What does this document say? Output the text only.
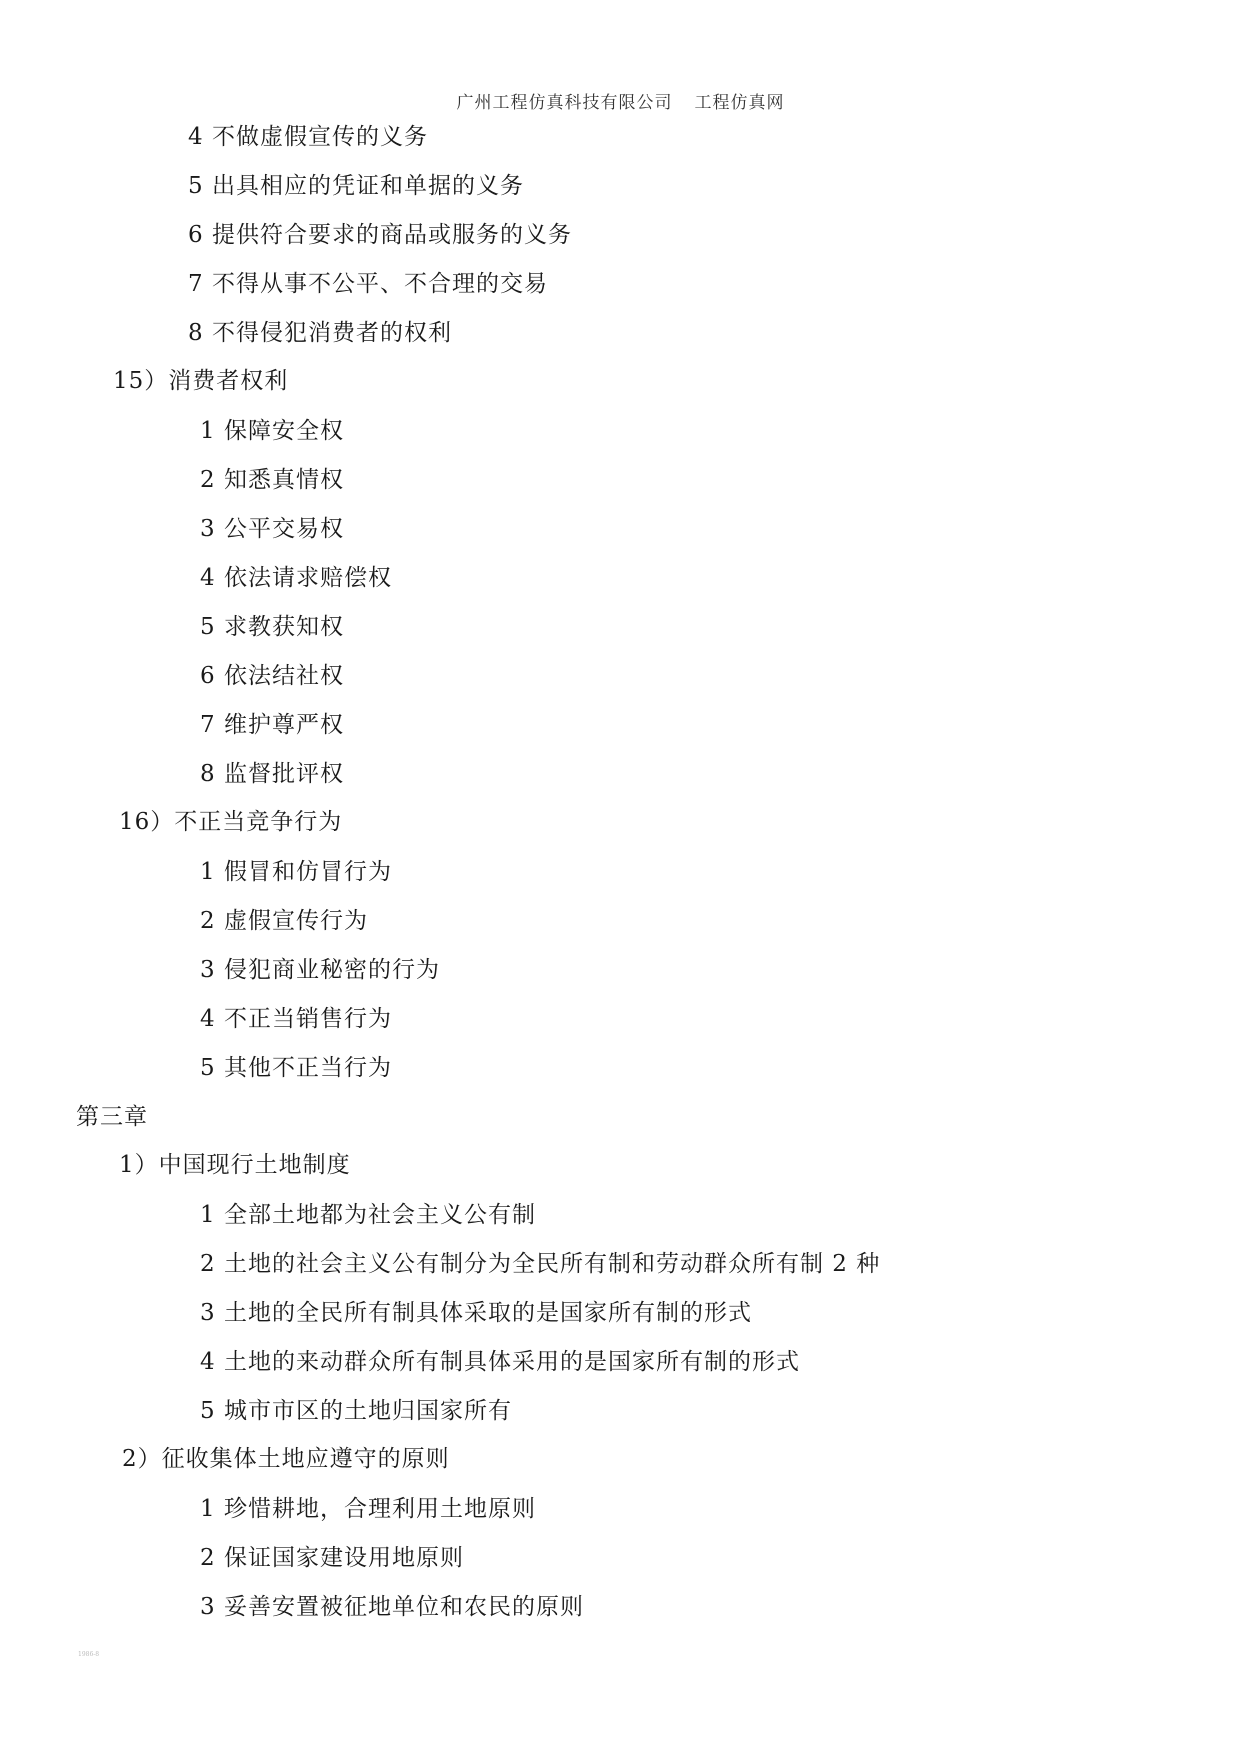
广州工程仿真科技有限公司 工程仿真网
4 不做虚假宣传的义务
5 出具相应的凭证和单据的义务
6 提供符合要求的商品或服务的义务
7 不得从事不公平、不合理的交易
8 不得侵犯消费者的权利
15）消费者权利
1 保障安全权
2 知悉真情权
3 公平交易权
4 依法请求赔偿权
5 求教获知权
6 依法结社权
7 维护尊严权
8 监督批评权
16）不正当竞争行为
1 假冒和仿冒行为
2 虚假宣传行为
3 侵犯商业秘密的行为
4 不正当销售行为
5 其他不正当行为
第三章
1）中国现行土地制度
1 全部土地都为社会主义公有制
2 土地的社会主义公有制分为全民所有制和劳动群众所有制 2 种
3 土地的全民所有制具体采取的是国家所有制的形式
4 土地的来动群众所有制具体采用的是国家所有制的形式
5 城市市区的土地归国家所有
2）征收集体土地应遵守的原则
1 珍惜耕地，合理利用土地原则
2 保证国家建设用地原则
3 妥善安置被征地单位和农民的原则
1986-8
